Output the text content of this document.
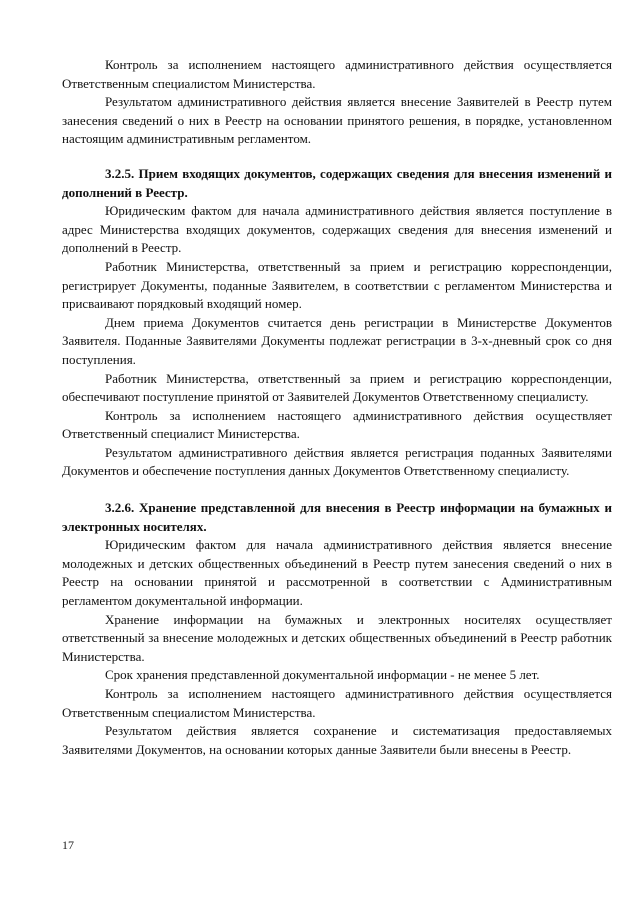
Контроль за исполнением настоящего административного действия осуществляется Ответственным специалистом Министерства.

Результатом административного действия является внесение Заявителей в Реестр путем занесения сведений о них в Реестр на основании принятого решения, в порядке, установленном настоящим административным регламентом.

3.2.5. Прием входящих документов, содержащих сведения для внесения изменений и дополнений в Реестр.

Юридическим фактом для начала административного действия является поступление в адрес Министерства входящих документов, содержащих сведения для внесения изменений и дополнений в Реестр.

Работник Министерства, ответственный за прием и регистрацию корреспонденции, регистрирует Документы, поданные Заявителем, в соответствии с регламентом Министерства и присваивают порядковый входящий номер.

Днем приема Документов считается день регистрации в Министерстве Документов Заявителя. Поданные Заявителями Документы подлежат регистрации в 3-х-дневный срок со дня поступления.

Работник Министерства, ответственный за прием и регистрацию корреспонденции, обеспечивают поступление принятой от Заявителей Документов Ответственному специалисту.

Контроль за исполнением настоящего административного действия осуществляет Ответственный специалист Министерства.

Результатом административного действия является регистрация поданных Заявителями Документов и обеспечение поступления данных Документов Ответственному специалисту.

3.2.6. Хранение представленной для внесения в Реестр информации на бумажных и электронных носителях.

Юридическим фактом для начала административного действия является внесение молодежных и детских общественных объединений в Реестр путем занесения сведений о них в Реестр на основании принятой и рассмотренной в соответствии с Административным регламентом документальной информации.

Хранение информации на бумажных и электронных носителях осуществляет ответственный за внесение молодежных и детских общественных объединений в Реестр работник Министерства.

Срок хранения представленной документальной информации - не менее 5 лет.

Контроль за исполнением настоящего административного действия осуществляется Ответственным специалистом Министерства.

Результатом действия является сохранение и систематизация предоставляемых Заявителями Документов, на основании которых данные Заявители были внесены в Реестр.

17
